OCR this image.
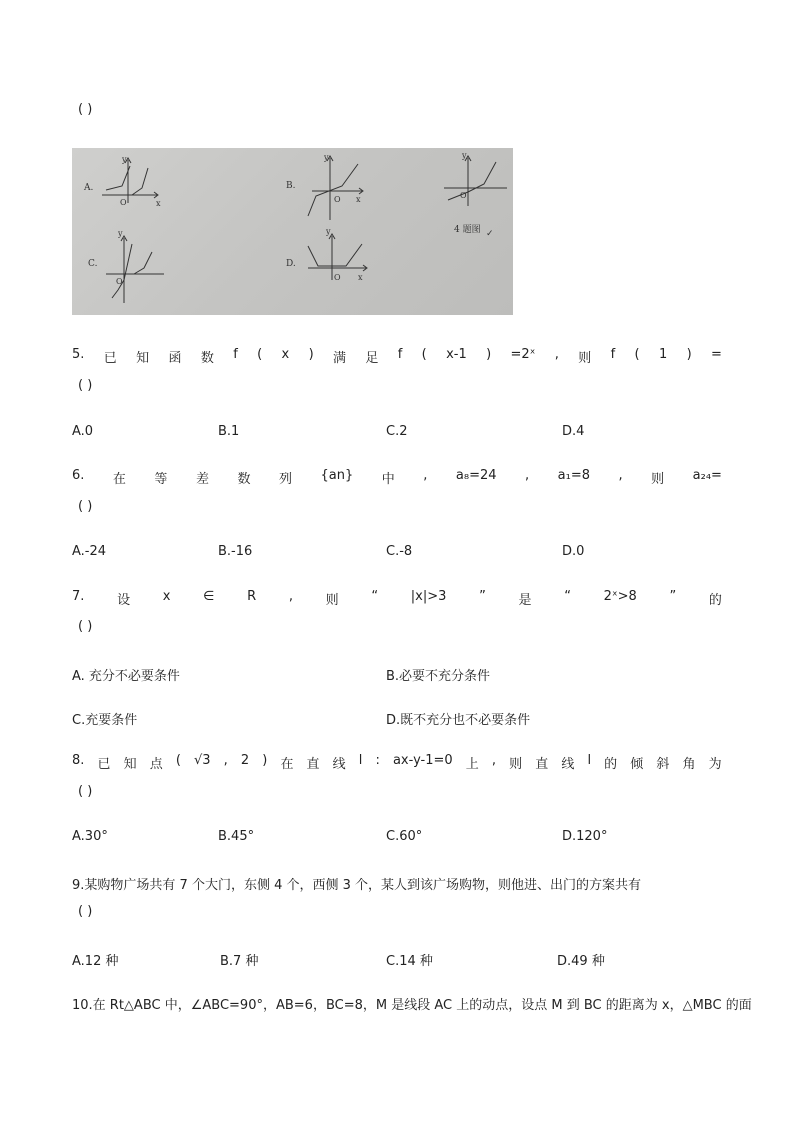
( )
A.
y
O	x
B.
y
O x
y
O
4 题图 ✓
C.
y
O
D.
y
O x
5. 已 知 函 数 f ( x ) 满 足 f ( x-1 ) =2ˣ , 则 f ( 1 ) =
( )
A.0	B.1	C.2	D.4
6. 在 等 差 数 列 {an} 中 , a₈=24 , a₁=8 , 则 a₂₄=
( )
A.-24	B.-16	C.-8	D.0
7.	设	x	∈	R	,	则	“	|x|>3	”	是	“	2ˣ>8	”	的
( )
A. 充分不必要条件	B.必要不充分条件
C.充要条件	D.既不充分也不必要条件
8. 已 知 点 ( √3 , 2 ) 在 直 线 l : ax-y-1=0 上 , 则 直 线 l 的 倾 斜 角 为
( )
A.30°	B.45°	C.60°	D.120°
9.某购物广场共有 7 个大门，东侧 4 个，西侧 3 个，某人到该广场购物，则他进、出门的方案共有
( )
A.12 种	B.7 种	C.14 种	D.49 种
10.在 Rt△ABC 中，∠ABC=90°，AB=6，BC=8，M 是线段 AC 上的动点，设点 M 到 BC 的距离为 x，△MBC 的面
